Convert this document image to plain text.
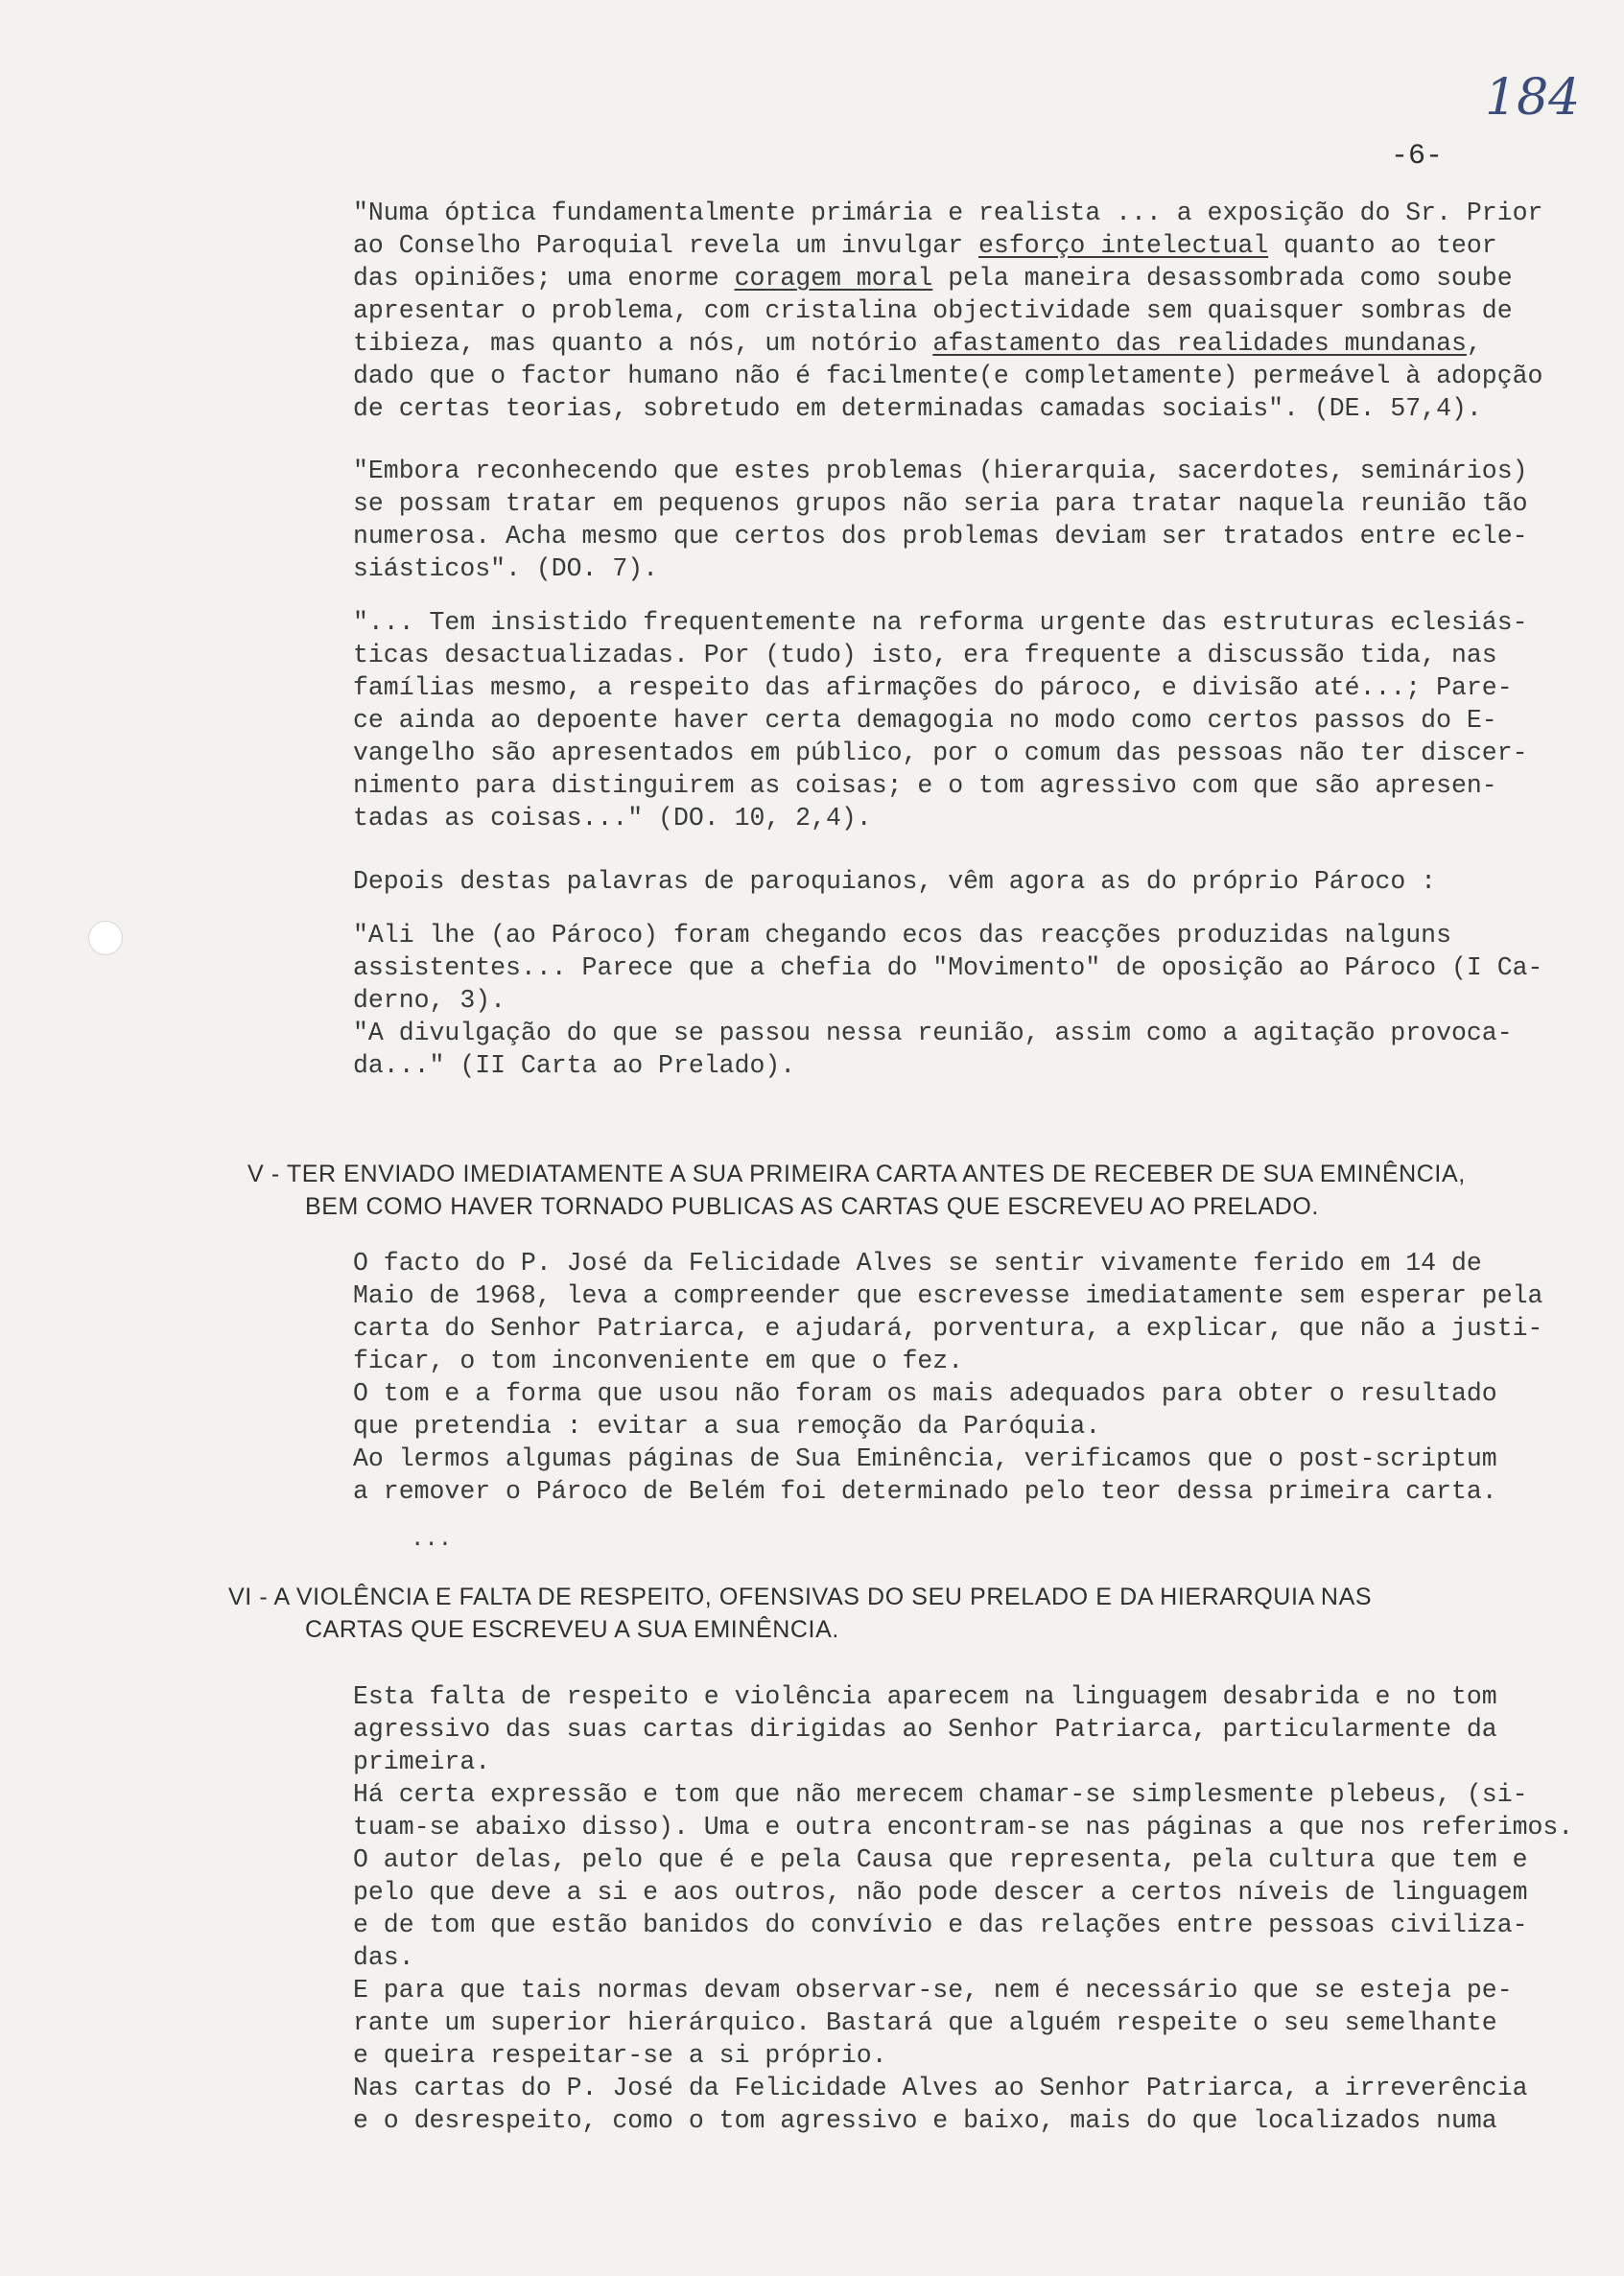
184
-6-
"Numa óptica fundamentalmente primária e realista ... a exposição do Sr. Prior
ao Conselho Paroquial revela um invulgar esforço intelectual quanto ao teor
das opiniões; uma enorme coragem moral pela maneira desassombrada como soube
apresentar o problema, com cristalina objectividade sem quaisquer sombras de
tibieza, mas quanto a nós, um notório afastamento das realidades mundanas,
dado que o factor humano não é facilmente(e completamente) permeável à adopção
de certas teorias, sobretudo em determinadas camadas sociais". (DE. 57,4).
"Embora reconhecendo que estes problemas (hierarquia, sacerdotes, seminários)
se possam tratar em pequenos grupos não seria para tratar naquela reunião tão
numerosa. Acha mesmo que certos dos problemas deviam ser tratados entre ecle-
siásticos". (DO. 7).
"... Tem insistido frequentemente na reforma urgente das estruturas eclesiás-
ticas desactualizadas. Por (tudo) isto, era frequente a discussão tida, nas
famílias mesmo, a respeito das afirmações do pároco, e divisão até...; Pare-
ce ainda ao depoente haver certa demagogia no modo como certos passos do E-
vangelho são apresentados em público, por o comum das pessoas não ter discer-
nimento para distinguirem as coisas; e o tom agressivo com que são apresen-
tadas as coisas..." (DO. 10, 2,4).
Depois destas palavras de paroquianos, vêm agora as do próprio Pároco :
"Ali lhe (ao Pároco) foram chegando ecos das reacções produzidas nalguns
assistentes... Parece que a chefia do "Movimento" de oposição ao Pároco (I Ca-
derno, 3).
"A divulgação do que se passou nessa reunião, assim como a agitação provoca-
da..." (II Carta ao Prelado).
V - TER ENVIADO IMEDIATAMENTE A SUA PRIMEIRA CARTA ANTES DE RECEBER DE SUA EMINÊNCIA,
BEM COMO HAVER TORNADO PUBLICAS AS CARTAS QUE ESCREVEU AO PRELADO.
O facto do P. José da Felicidade Alves se sentir vivamente ferido em 14 de
Maio de 1968, leva a compreender que escrevesse imediatamente sem esperar pela
carta do Senhor Patriarca, e ajudará, porventura, a explicar, que não a justi-
ficar, o tom inconveniente em que o fez.
O tom e a forma que usou não foram os mais adequados para obter o resultado
que pretendia : evitar a sua remoção da Paróquia.
Ao lermos algumas páginas de Sua Eminência, verificamos que o post-scriptum
a remover o Pároco de Belém foi determinado pelo teor dessa primeira carta.
...
VI - A VIOLÊNCIA E FALTA DE RESPEITO, OFENSIVAS DO SEU PRELADO E DA HIERARQUIA NAS
CARTAS QUE ESCREVEU A SUA EMINÊNCIA.
Esta falta de respeito e violência aparecem na linguagem desabrida e no tom
agressivo das suas cartas dirigidas ao Senhor Patriarca, particularmente da
primeira.
Há certa expressão e tom que não merecem chamar-se simplesmente plebeus, (si-
tuam-se abaixo disso). Uma e outra encontram-se nas páginas a que nos referimos.
O autor delas, pelo que é e pela Causa que representa, pela cultura que tem e
pelo que deve a si e aos outros, não pode descer a certos níveis de linguagem
e de tom que estão banidos do convívio e das relações entre pessoas civiliza-
das.
E para que tais normas devam observar-se, nem é necessário que se esteja pe-
rante um superior hierárquico. Bastará que alguém respeite o seu semelhante
e queira respeitar-se a si próprio.
Nas cartas do P. José da Felicidade Alves ao Senhor Patriarca, a irreverência
e o desrespeito, como o tom agressivo e baixo, mais do que localizados numa
